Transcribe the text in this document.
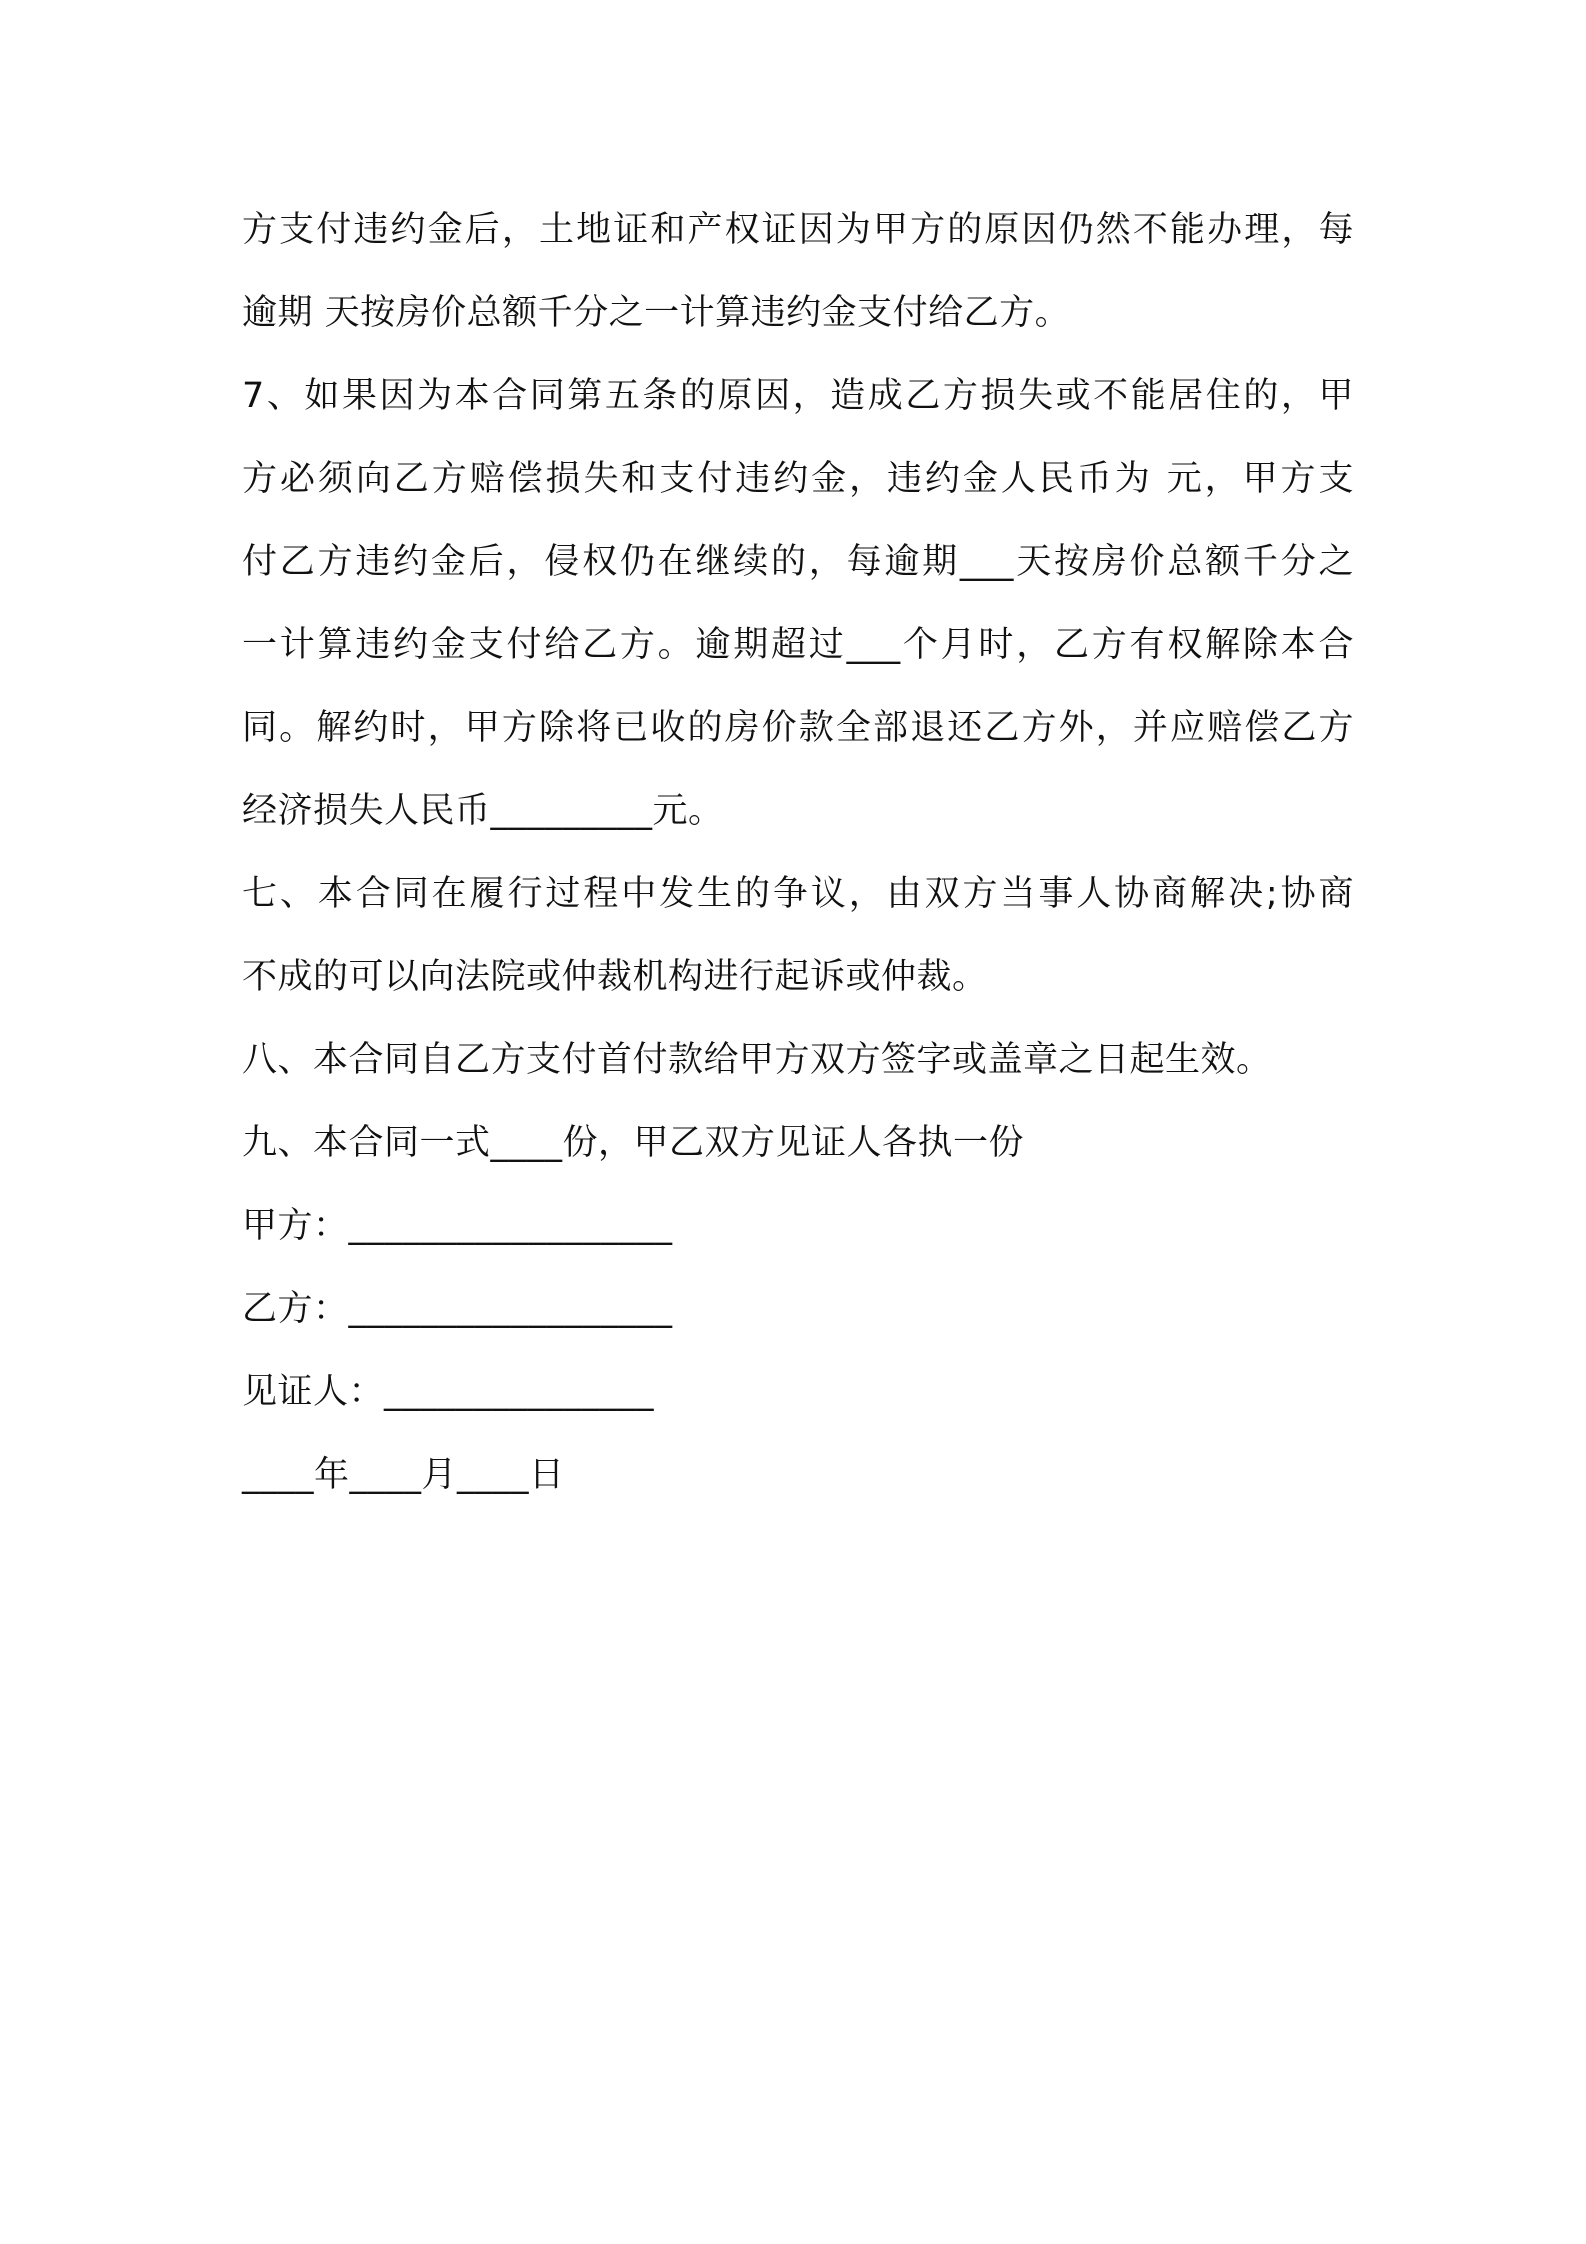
方支付违约金后，土地证和产权证因为甲方的原因仍然不能办理，每
逾期 天按房价总额千分之一计算违约金支付给乙方。
7、如果因为本合同第五条的原因，造成乙方损失或不能居住的，甲
方必须向乙方赔偿损失和支付违约金，违约金人民币为 元，甲方支
付乙方违约金后，侵权仍在继续的，每逾期___天按房价总额千分之
一计算违约金支付给乙方。逾期超过___个月时，乙方有权解除本合
同。解约时，甲方除将已收的房价款全部退还乙方外，并应赔偿乙方
经济损失人民币_________元。
七、本合同在履行过程中发生的争议，由双方当事人协商解决;协商
不成的可以向法院或仲裁机构进行起诉或仲裁。
八、本合同自乙方支付首付款给甲方双方签字或盖章之日起生效。
九、本合同一式____份，甲乙双方见证人各执一份
甲方：__________________
乙方：__________________
见证人：_______________
____年____月____日
